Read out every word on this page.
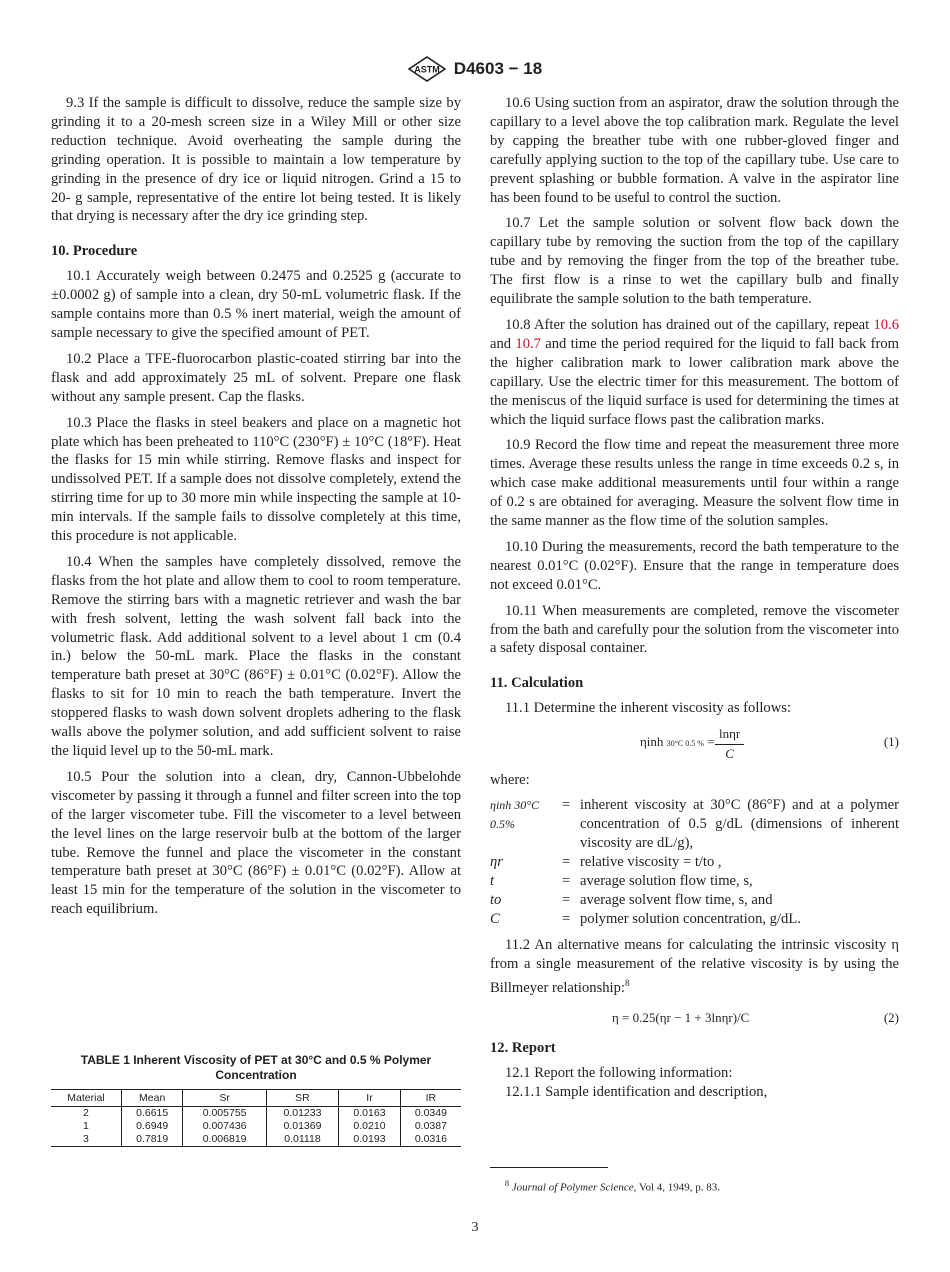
ASTM D4603 − 18

9.3 If the sample is difficult to dissolve, reduce the sample size by grinding it to a 20-mesh screen size in a Wiley Mill or other size reduction technique. Avoid overheating the sample during the grinding operation. It is possible to maintain a low temperature by grinding in the presence of dry ice or liquid nitrogen. Grind a 15 to 20- g sample, representative of the entire lot being tested. It is likely that drying is necessary after the dry ice grinding step.

10. Procedure

10.1 Accurately weigh between 0.2475 and 0.2525 g (accurate to ±0.0002 g) of sample into a clean, dry 50-mL volumetric flask. If the sample contains more than 0.5 % inert material, weigh the amount of sample necessary to give the specified amount of PET.

10.2 Place a TFE-fluorocarbon plastic-coated stirring bar into the flask and add approximately 25 mL of solvent. Prepare one flask without any sample present. Cap the flasks.

10.3 Place the flasks in steel beakers and place on a magnetic hot plate which has been preheated to 110°C (230°F) ± 10°C (18°F). Heat the flasks for 15 min while stirring. Remove flasks and inspect for undissolved PET. If a sample does not dissolve completely, extend the stirring time for up to 30 more min while inspecting the sample at 10-min intervals. If the sample fails to dissolve completely at this time, this procedure is not applicable.

10.4 When the samples have completely dissolved, remove the flasks from the hot plate and allow them to cool to room temperature. Remove the stirring bars with a magnetic retriever and wash the bar with fresh solvent, letting the wash solvent fall back into the volumetric flask. Add additional solvent to a level about 1 cm (0.4 in.) below the 50-mL mark. Place the flasks in the constant temperature bath preset at 30°C (86°F) ± 0.01°C (0.02°F). Allow the flasks to sit for 10 min to reach the bath temperature. Invert the stoppered flasks to wash down solvent droplets adhering to the flask walls above the polymer solution, and add sufficient solvent to raise the liquid level up to the 50-mL mark.

10.5 Pour the solution into a clean, dry, Cannon-Ubbelohde viscometer by passing it through a funnel and filter screen into the top of the larger viscometer tube. Fill the viscometer to a level between the level lines on the large reservoir bulb at the bottom of the larger tube. Remove the funnel and place the viscometer in the constant temperature bath preset at 30°C (86°F) ± 0.01°C (0.02°F). Allow at least 15 min for the temperature of the solution in the viscometer to reach equilibrium.

TABLE 1 Inherent Viscosity of PET at 30°C and 0.5 % Polymer Concentration
Material	Mean	Sr	SR	Ir	IR
2	0.6615	0.005755	0.01233	0.0163	0.0349
1	0.6949	0.007436	0.01369	0.0210	0.0387
3	0.7819	0.006819	0.01118	0.0193	0.0316

10.6 Using suction from an aspirator, draw the solution through the capillary to a level above the top calibration mark. Regulate the level by capping the breather tube with one rubber-gloved finger and carefully applying suction to the top of the capillary tube. Use care to prevent splashing or bubble formation. A valve in the aspirator line has been found to be useful to control the suction.

10.7 Let the sample solution or solvent flow back down the capillary tube by removing the suction from the top of the capillary tube and by removing the finger from the top of the breather tube. The first flow is a rinse to wet the capillary bulb and finally equilibrate the sample solution to the bath temperature.

10.8 After the solution has drained out of the capillary, repeat 10.6 and 10.7 and time the period required for the liquid to fall back from the higher calibration mark to lower calibration mark above the capillary. Use the electric timer for this measurement. The bottom of the meniscus of the liquid surface is used for determining the times at which the liquid surface flows past the calibration marks.

10.9 Record the flow time and repeat the measurement three more times. Average these results unless the range in time exceeds 0.2 s, in which case make additional measurements until four within a range of 0.2 s are obtained for averaging. Measure the solvent flow time in the same manner as the flow time of the solution samples.

10.10 During the measurements, record the bath temperature to the nearest 0.01°C (0.02°F). Ensure that the range in temperature does not exceed 0.01°C.

10.11 When measurements are completed, remove the viscometer from the bath and carefully pour the solution from the viscometer into a safety disposal container.

11. Calculation

11.1 Determine the inherent viscosity as follows:

ηinh 30°C 0.5 % = $\frac{\ln\eta r}{C}$	(1)
where:
ηinh 30°C 0.5%
= inherent viscosity at 30°C (86°F) and at a polymer concentration of 0.5 g/dL (dimensions of inherent viscosity are dL/g),
ηr	= relative viscosity = t/to ,
t	= average solution flow time, s,
to	= average solvent flow time, s, and
C	= polymer solution concentration, g/dL.

11.2 An alternative means for calculating the intrinsic viscosity η from a single measurement of the relative viscosity is by using the Billmeyer relationship:$^8$

η = 0.25(ηr − 1 + 3lnηr)/C	(2)
12. Report

12.1 Report the following information:

12.1.1 Sample identification and description,

$^8$ Journal of Polymer Science, Vol 4, 1949, p. 83.
3
